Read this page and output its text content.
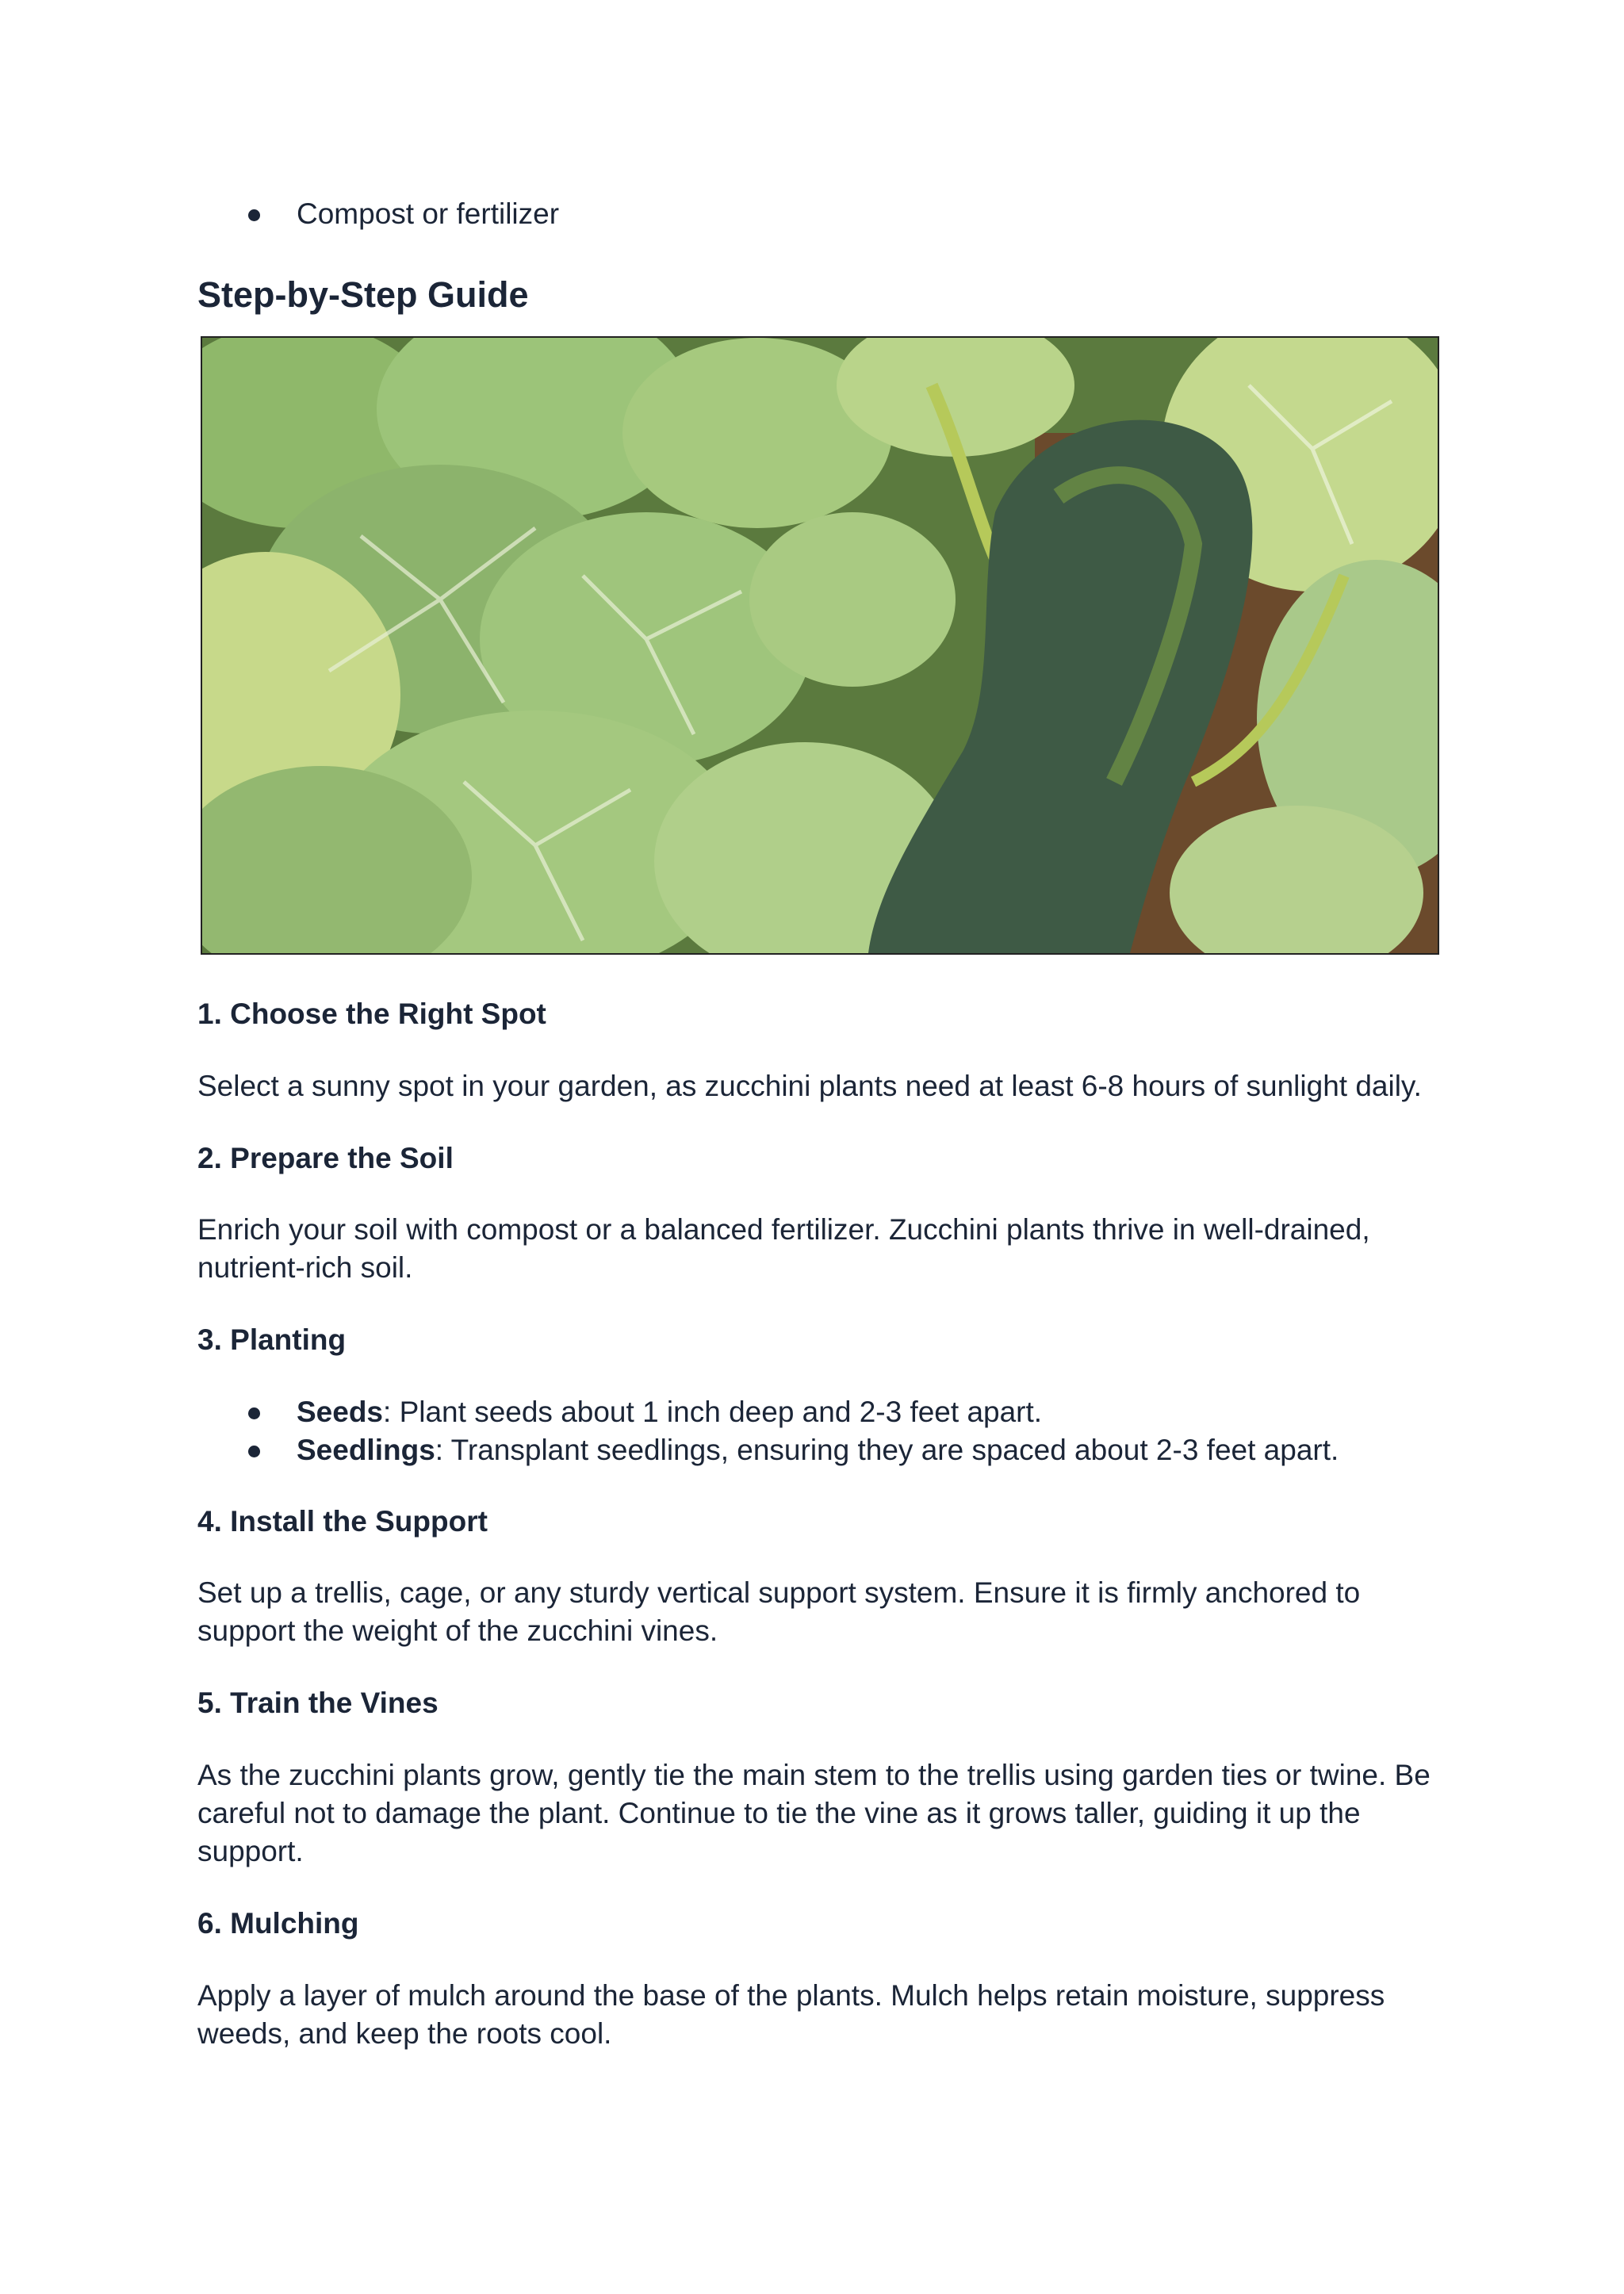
Compost or fertilizer
Step-by-Step Guide
1. Choose the Right Spot

Select a sunny spot in your garden, as zucchini plants need at least 6-8 hours of sunlight daily.

2. Prepare the Soil

Enrich your soil with compost or a balanced fertilizer. Zucchini plants thrive in well-drained, nutrient-rich soil.

3. Planting
Seeds: Plant seeds about 1 inch deep and 2-3 feet apart.
Seedlings: Transplant seedlings, ensuring they are spaced about 2-3 feet apart.
4. Install the Support

Set up a trellis, cage, or any sturdy vertical support system. Ensure it is firmly anchored to support the weight of the zucchini vines.

5. Train the Vines

As the zucchini plants grow, gently tie the main stem to the trellis using garden ties or twine. Be careful not to damage the plant. Continue to tie the vine as it grows taller, guiding it up the support.

6. Mulching

Apply a layer of mulch around the base of the plants. Mulch helps retain moisture, suppress weeds, and keep the roots cool.
